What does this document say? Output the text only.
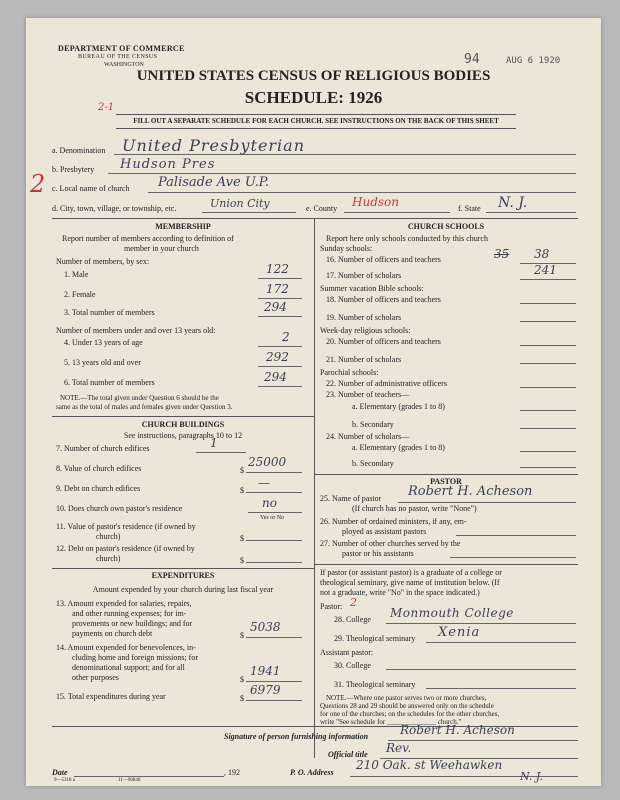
DEPARTMENT OF COMMERCE
BUREAU OF THE CENSUS
WASHINGTON	94	AUG 6 1920
UNITED STATES CENSUS OF RELIGIOUS BODIES
SCHEDULE: 1926
2-1
FILL OUT A SEPARATE SCHEDULE FOR EACH CHURCH. SEE INSTRUCTIONS ON THE BACK OF THIS SHEET
2
a. Denomination United Presbyterian
b. Presbytery Hudson Pres
c. Local name of church Palisade Ave U.P.
d. City, town, village, or township, etc.	Union City	e. County Hudson	f. State N. J.
MEMBERSHIP
Report number of members according to definition of
member in your church
Number of members, by sex:
1. Male	122
2. Female	172
3. Total number of members	294
Number of members under and over 13 years old:
4. Under 13 years of age	2
5. 13 years old and over	292
6. Total number of members	294
NOTE.—The total given under Question 6 should be the
same as the total of males and females given under Question 3.
CHURCH BUILDINGS
See instructions, paragraphs 10 to 12
7. Number of church edifices	1
8. Value of church edifices	$
25000
9. Debt on church edifices	$
—
10. Does church own pastor's residence	no
Yes or No
11. Value of pastor's residence (if owned by
church)	$
12. Debt on pastor's residence (if owned by
church)	$
EXPENDITURES
Amount expended by your church during last fiscal year
13. Amount expended for salaries, repairs,
and other running expenses; for im-
provements or new buildings; and for
payments on church debt	$
5038
14. Amount expended for benevolences, in-
cluding home and foreign missions; for
denominational support; and for all
other purposes	$
1941
15. Total expenditures during year	$
6979
CHURCH SCHOOLS
Report here only schools conducted by this church
Sunday schools:
16. Number of officers and teachers	35 38
17. Number of scholars	241
Summer vacation Bible schools:
18. Number of officers and teachers
19. Number of scholars
Week-day religious schools:
20. Number of officers and teachers
21. Number of scholars
Parochial schools:
22. Number of administrative officers
23. Number of teachers—
a. Elementary (grades 1 to 8)
b. Secondary
24. Number of scholars—
a. Elementary (grades 1 to 8)
b. Secondary
PASTOR
25. Name of pastor Robert H. Acheson
(If church has no pastor, write "None")
26. Number of ordained ministers, if any, em-
ployed as assistant pastors
27. Number of other churches served by the
pastor or his assistants
If pastor (or assistant pastor) is a graduate of a college or
theological seminary, give name of institution below. (If
not a graduate, write "No" in the space indicated.)
Pastor: 2
28. College Monmouth College
29. Theological seminary Xenia
Assistant pastor:
30. College
31. Theological seminary
NOTE.—Where one pastor serves two or more churches,
Questions 28 and 29 should be answered only on the schedule
for one of the churches; on the schedules for the other churches,
write "See schedule for ______________ church."
Signature of person furnishing information	Robert H. Acheson
Official title Rev.
Date	, 192
9—5318 a	11—96846
P. O. Address
210 Oak. st Weehawken
N. J.
